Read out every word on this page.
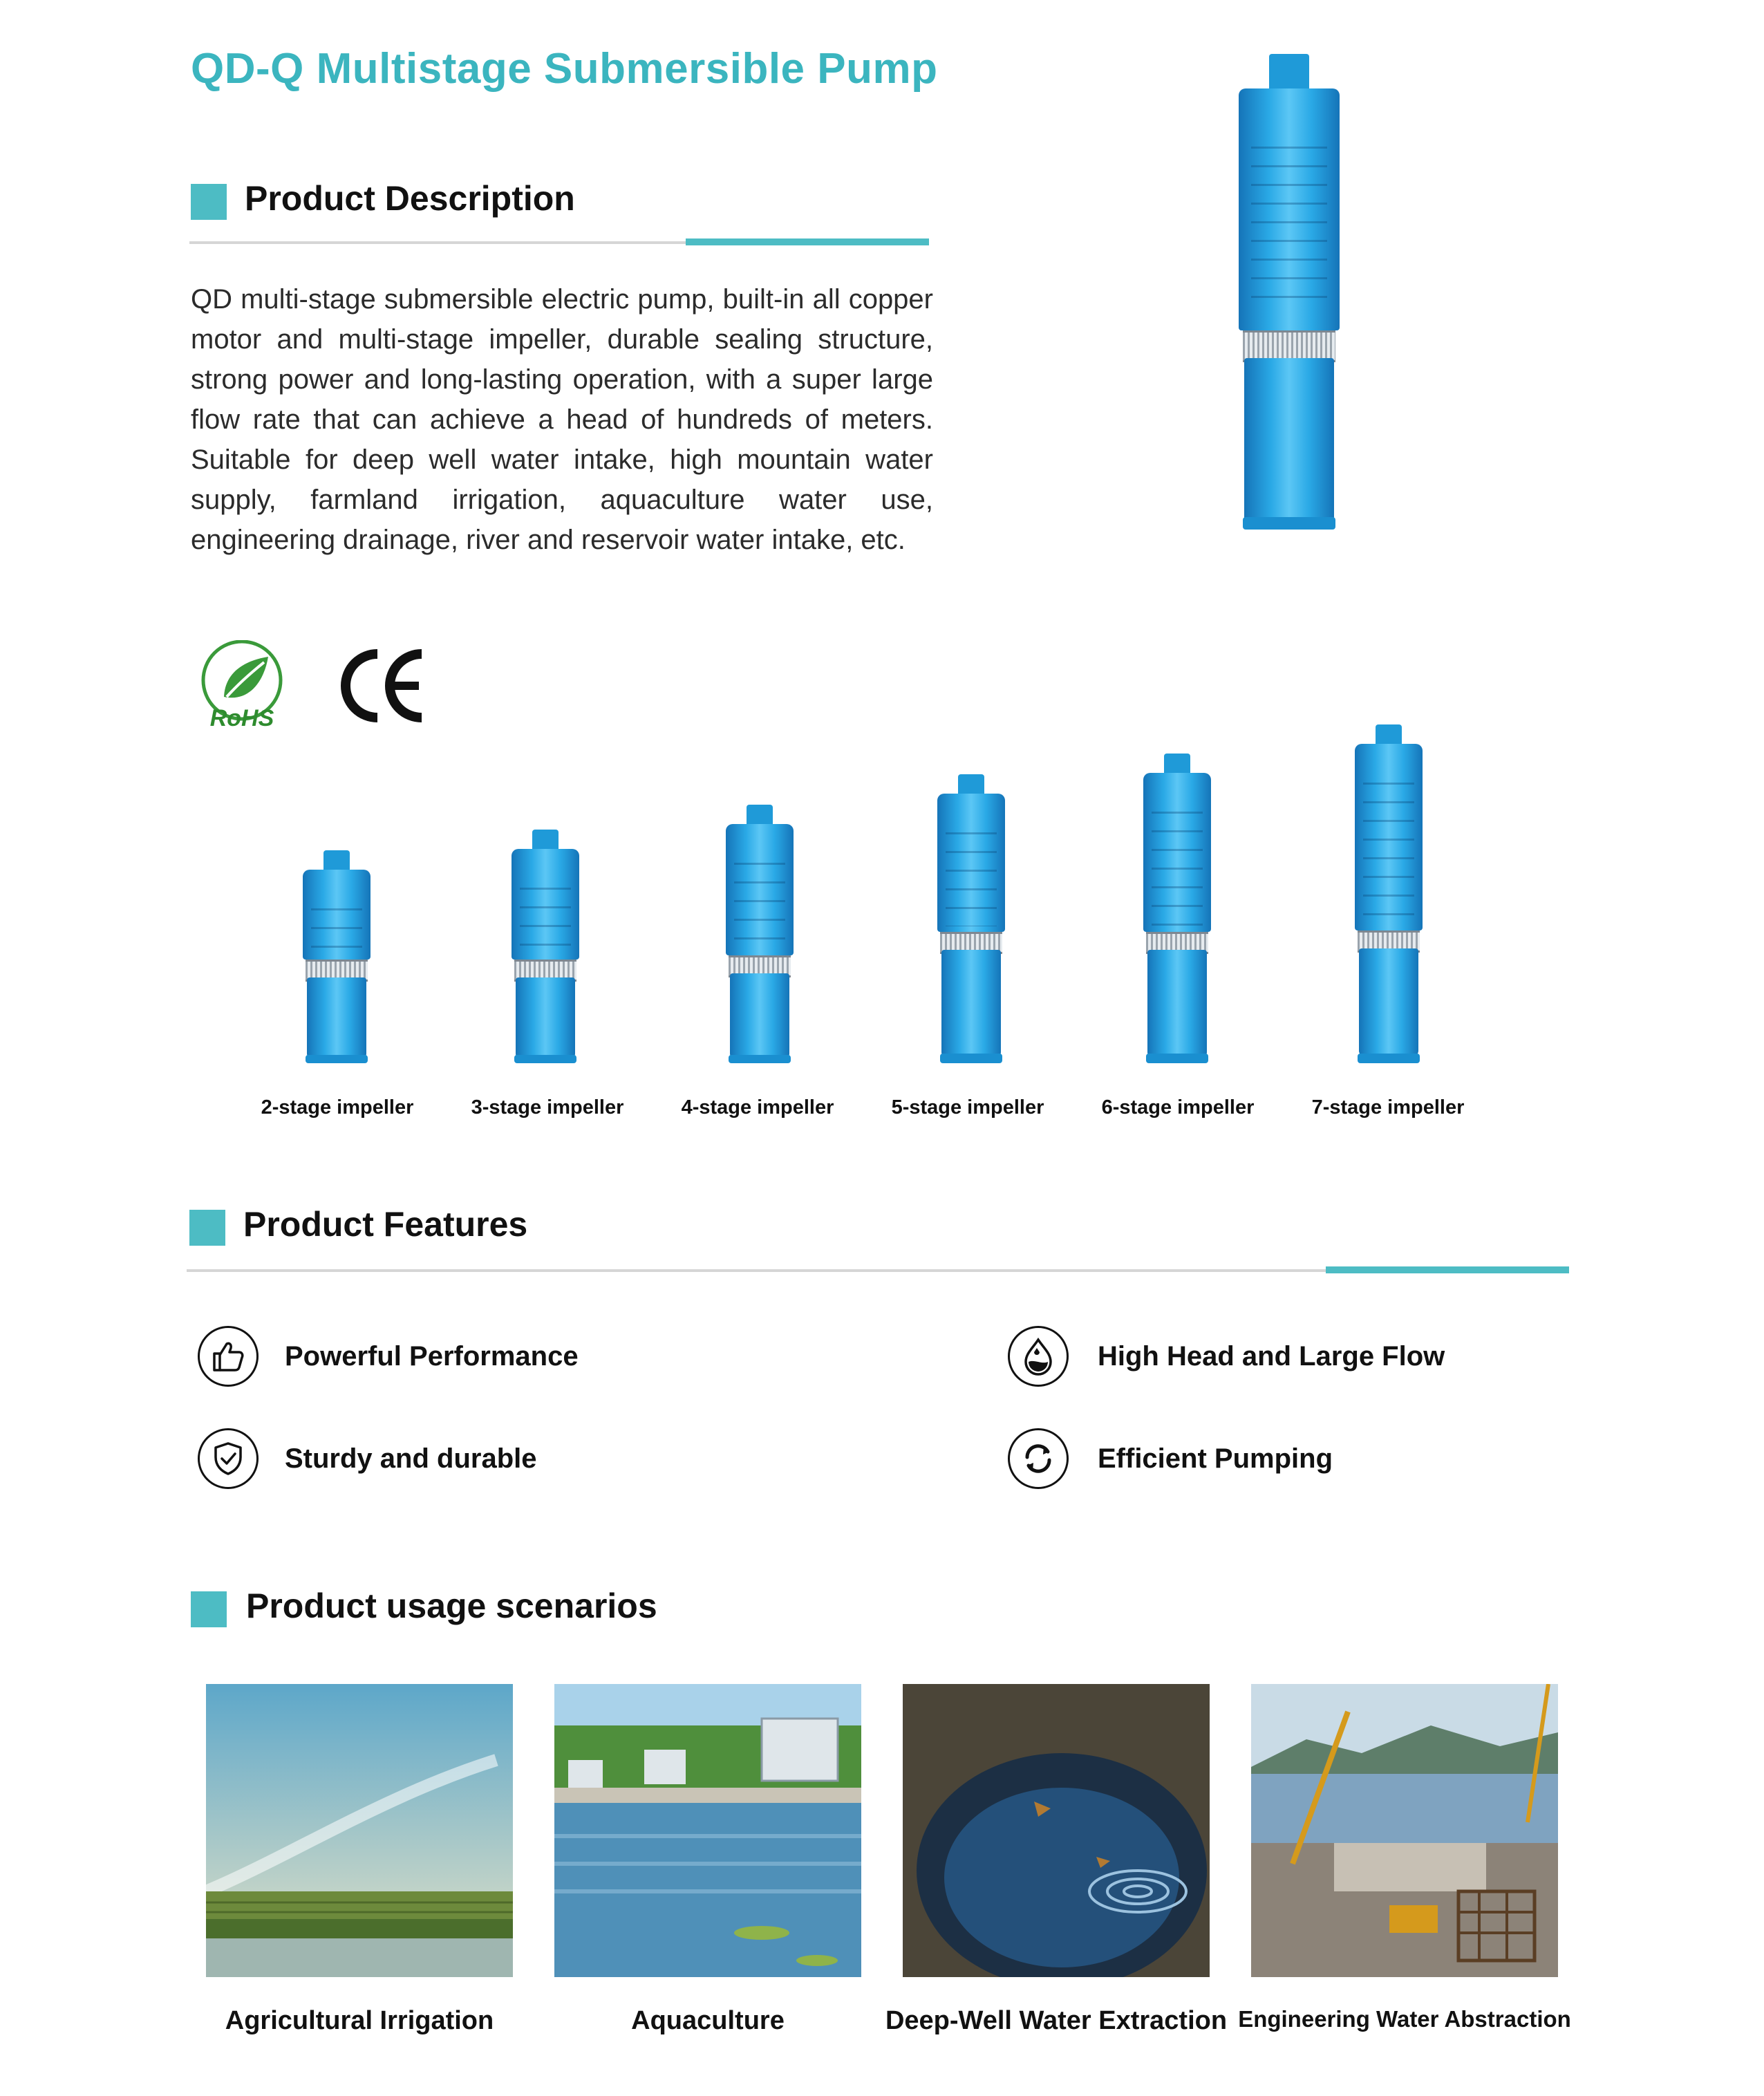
QD-Q Multistage Submersible Pump
Product Description
QD multi-stage submersible electric pump, built-in all copper motor and multi-stage impeller, durable sealing structure, strong power and long-lasting operation, with a super large flow rate that can achieve a head of hundreds of meters. Suitable for deep well water intake, high mountain water supply, farmland irrigation, aquaculture water use, engineering drainage, river and reservoir water intake, etc.
RoHS
2-stage impeller	3-stage impeller	4-stage impeller	5-stage impeller	6-stage impeller	7-stage impeller
Product Features
Powerful Performance	High Head and Large Flow
Sturdy and durable	Efficient Pumping
Product usage scenarios
Agricultural Irrigation	Aquaculture	Deep-Well Water Extraction Engineering Water Abstraction
